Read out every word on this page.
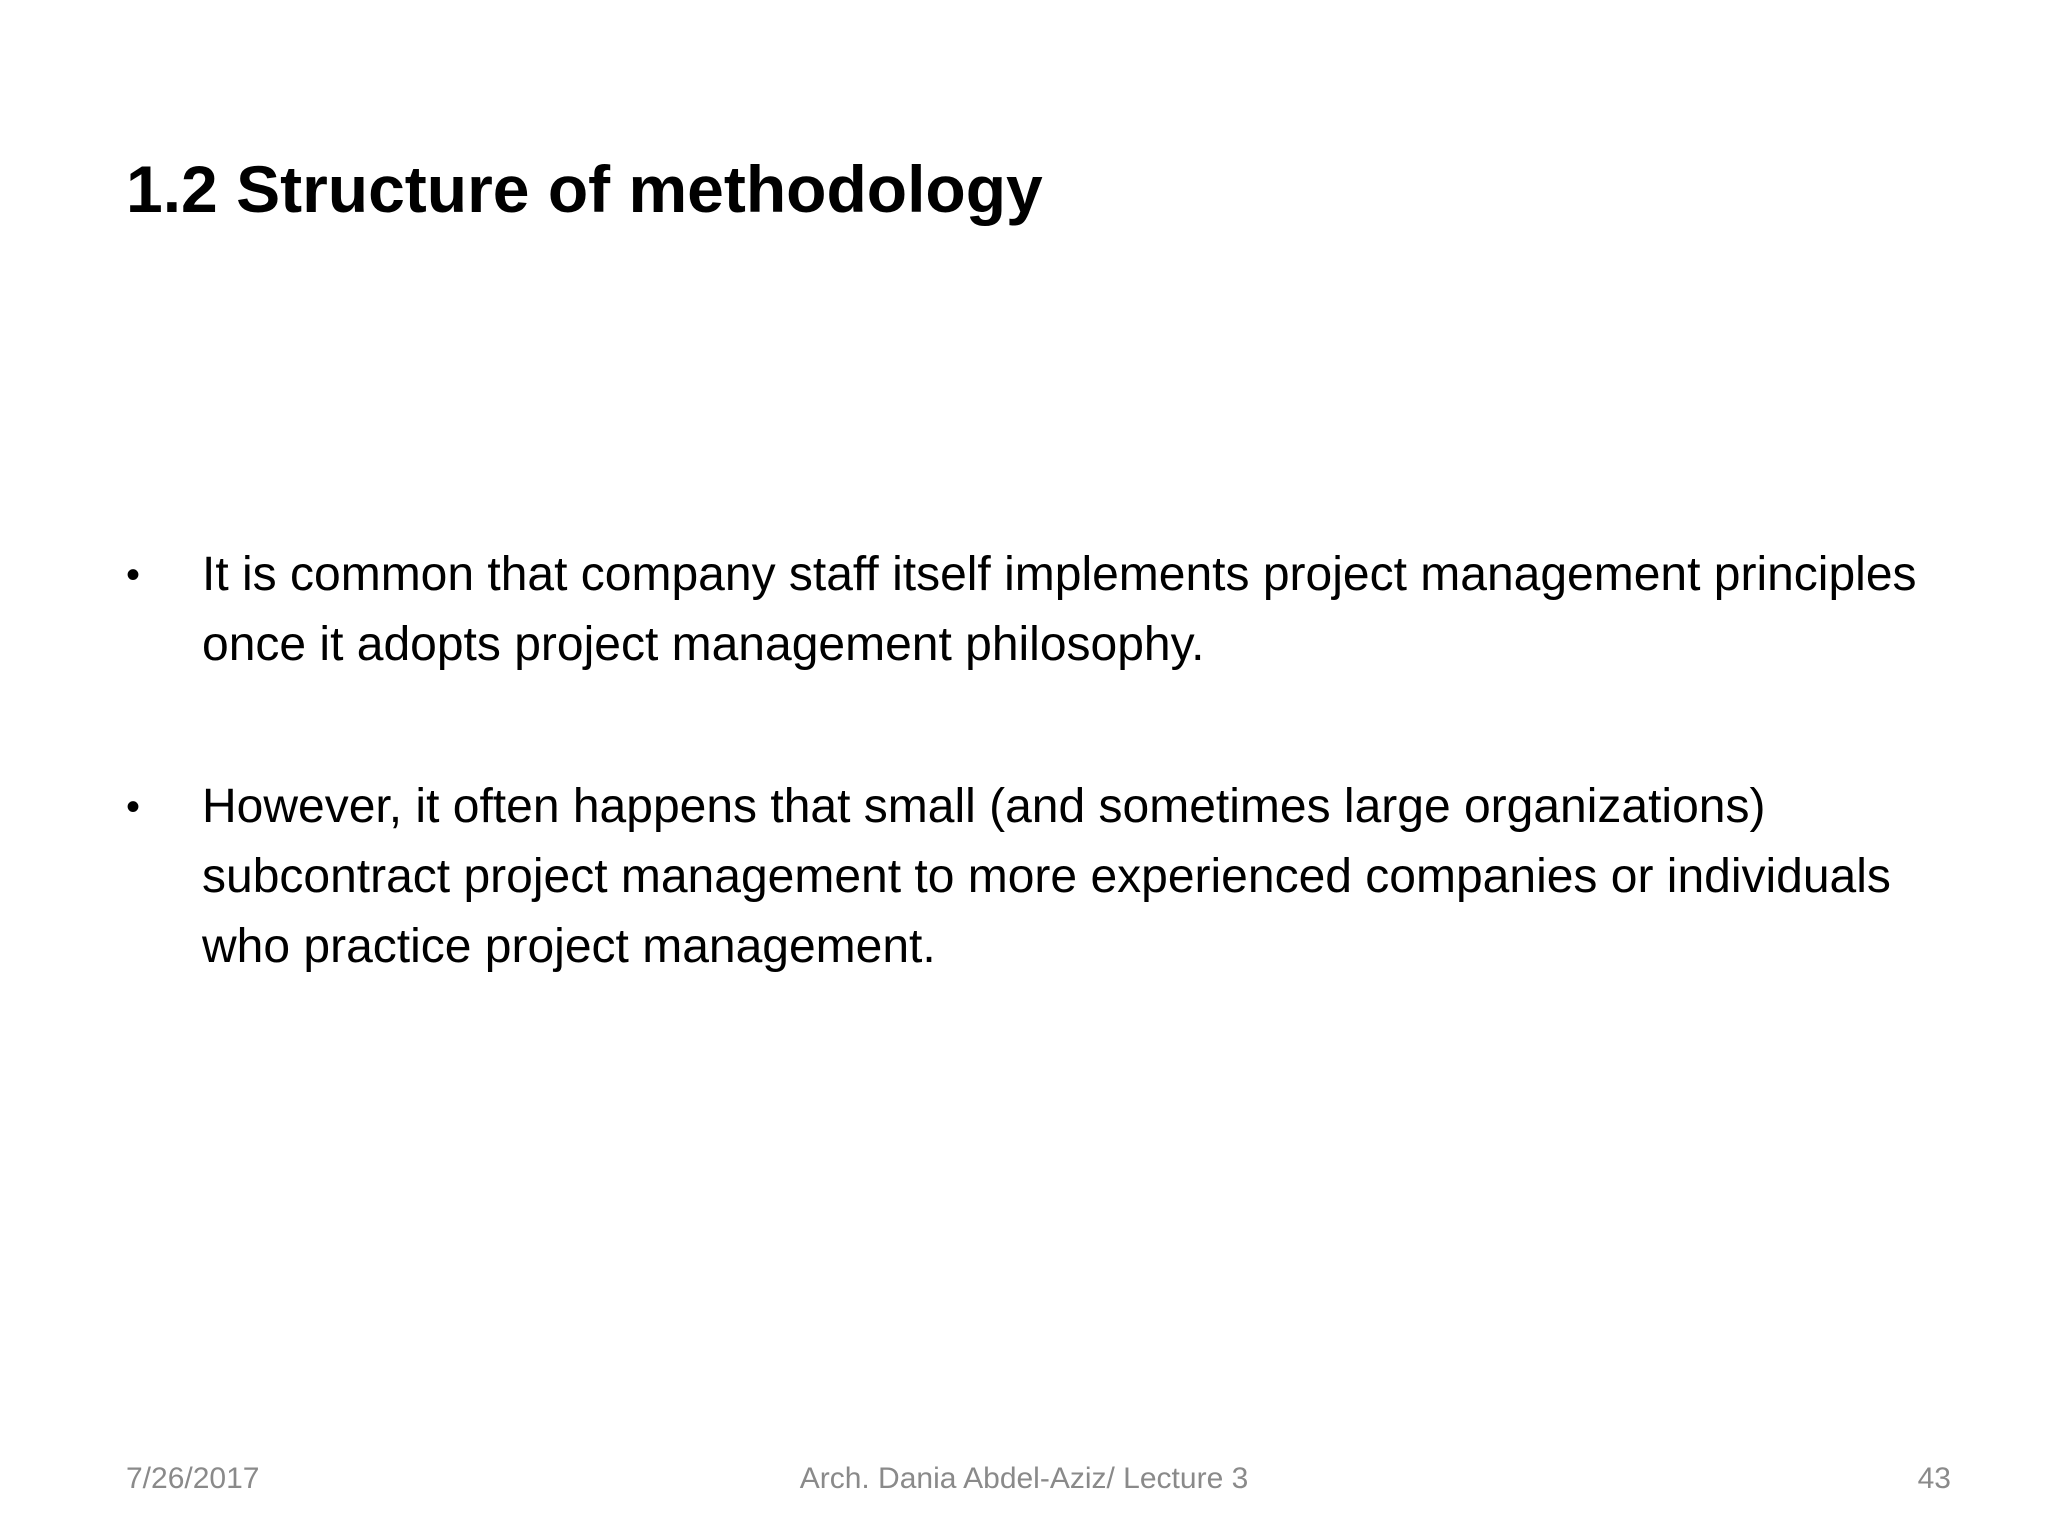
1.2 Structure of methodology
• It is common that company staff itself implements project management principles once it adopts project management philosophy.
• However, it often happens that small (and sometimes large organizations) subcontract project management to more experienced companies or individuals who practice project management.
7/26/2017	Arch. Dania Abdel-Aziz/ Lecture 3	43
